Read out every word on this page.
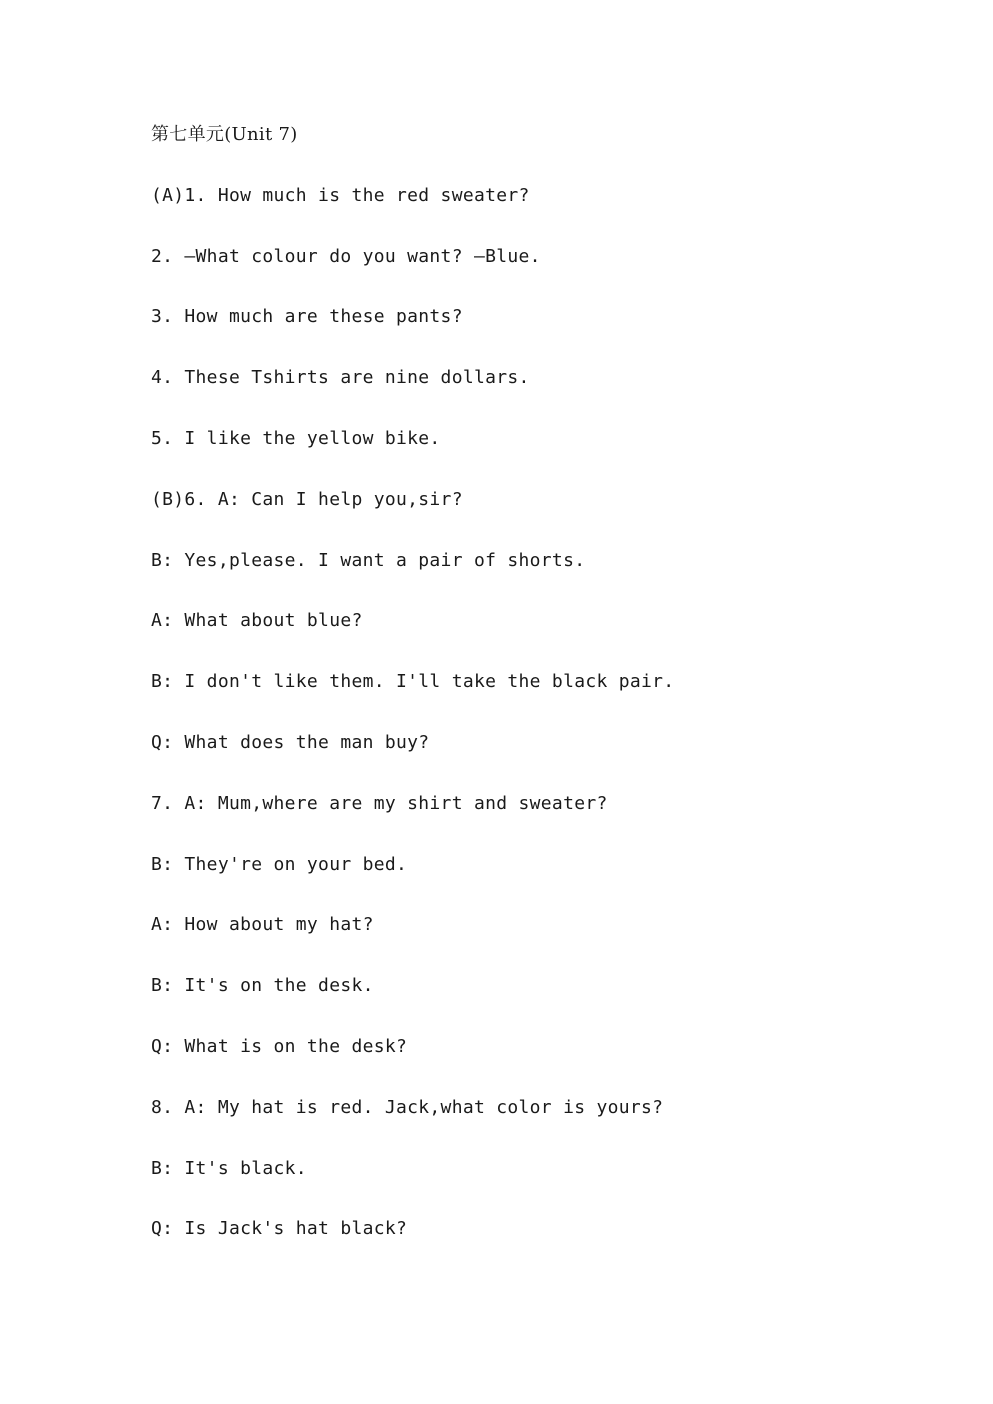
第七单元(Unit 7)
(A)1. How much is the red sweater?
2. —What colour do you want? —Blue.
3. How much are these pants?
4. These Tshirts are nine dollars.
5. I like the yellow bike.
(B)6. A: Can I help you,sir?
B: Yes,please. I want a pair of shorts.
A: What about blue?
B: I don't like them. I'll take the black pair.
Q: What does the man buy?
7. A: Mum,where are my shirt and sweater?
B: They're on your bed.
A: How about my hat?
B: It's on the desk.
Q: What is on the desk?
8. A: My hat is red. Jack,what color is yours?
B: It's black.
Q: Is Jack's hat black?
